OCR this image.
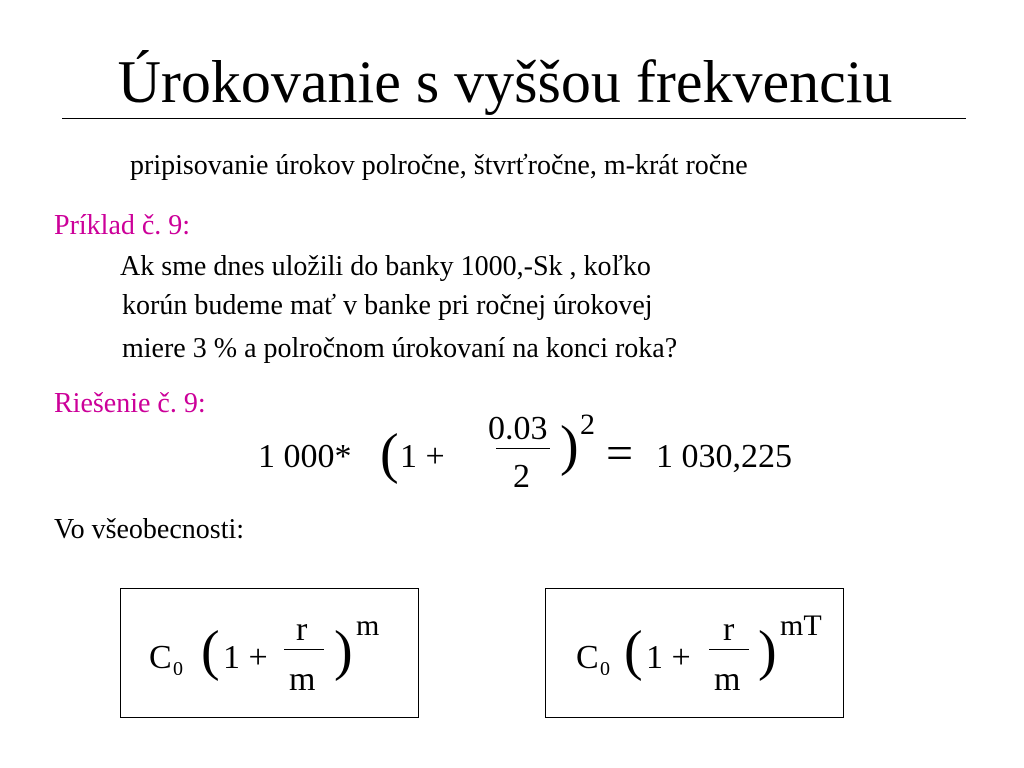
Úrokovanie s vyššou frekvenciu
pripisovanie úrokov polročne, štvrťročne, m-krát ročne
Príklad č. 9:
Ak sme dnes uložili do banky 1000,-Sk , koľko
korún budeme mať v banke pri ročnej úrokovej
miere 3 % a polročnom úrokovaní na konci roka?
Riešenie č. 9:
1 000* ( 1 +
0.03
2 ) 2
= 1 030,225
Vo všeobecnosti:
C 0 ( 1 +
r
m ) m
C 0 ( 1 +
r
m ) mT
